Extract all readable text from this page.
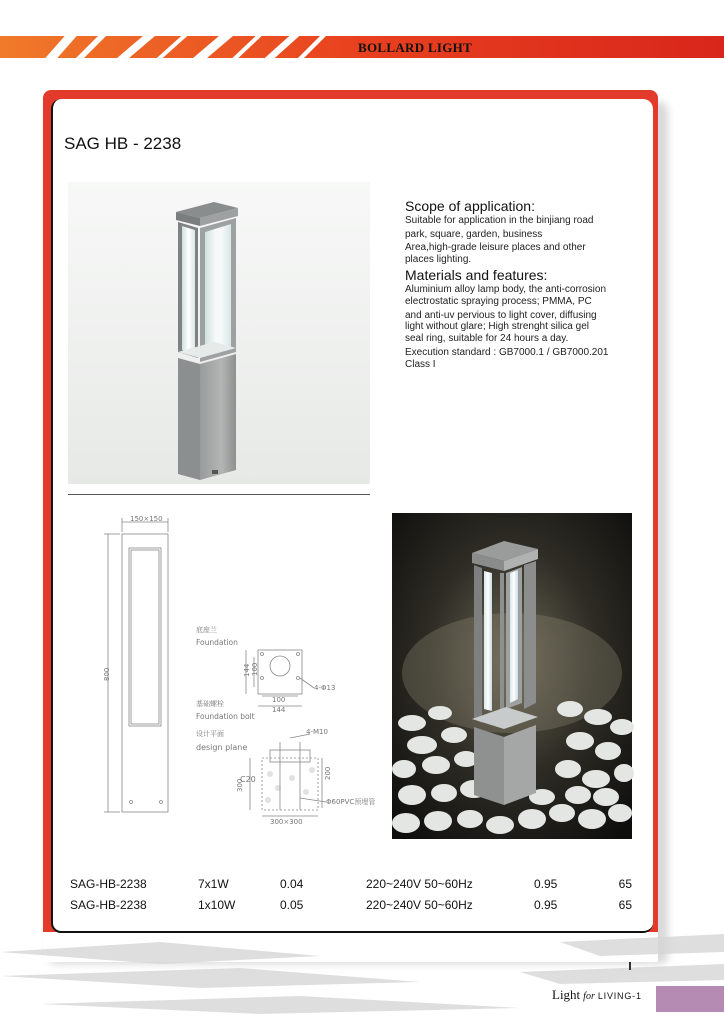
BOLLARD LIGHT
SAG HB - 2238
Scope of application:

Suitable for application in the binjiang road

park, square, garden, business

Area,high-grade leisure places and other

places lighting.

Materials and features:

Aluminium alloy lamp body, the anti-corrosion

electrostatic spraying process; PMMA, PC

and anti-uv pervious to light cover, diffusing

light without glare; High strenght silica gel

seal ring, suitable for 24 hours a day.

Execution standard : GB7000.1 / GB7000.201

Class I

150×150
800
底座兰
Foundation
基础螺栓
Foundation bolt
设计平面
design plane
144 100
4-Φ13
100
144
4-M10
C20
300
200
Φ60PVC预埋管
300×300
SAG-HB-2238	7x1W	0.04	220~240V 50~60Hz	0.95	65
SAG-HB-2238	1x10W	0.05	220~240V 50~60Hz	0.95	65
Light for LIVING-1
